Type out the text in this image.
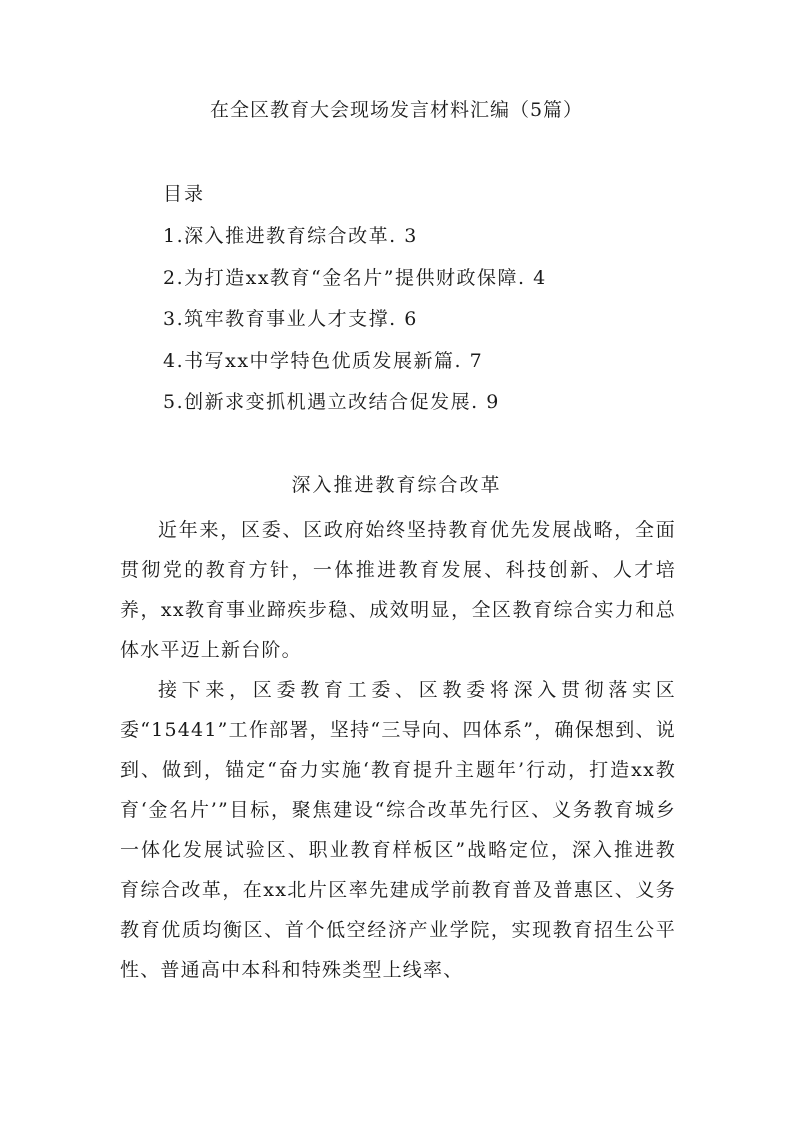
在全区教育大会现场发言材料汇编（5篇）
目录
1.深入推进教育综合改革. 3
2.为打造xx教育“金名片”提供财政保障. 4
3.筑牢教育事业人才支撑. 6
4.书写xx中学特色优质发展新篇. 7
5.创新求变抓机遇立改结合促发展. 9
深入推进教育综合改革

近年来，区委、区政府始终坚持教育优先发展战略，全面贯彻党的教育方针，一体推进教育发展、科技创新、人才培养，xx教育事业蹄疾步稳、成效明显，全区教育综合实力和总体水平迈上新台阶。

接下来，区委教育工委、区教委将深入贯彻落实区委“15441”工作部署，坚持“三导向、四体系”，确保想到、说到、做到，锚定“奋力实施‘教育提升主题年’行动，打造xx教育‘金名片’”目标，聚焦建设“综合改革先行区、义务教育城乡一体化发展试验区、职业教育样板区”战略定位，深入推进教育综合改革，在xx北片区率先建成学前教育普及普惠区、义务教育优质均衡区、首个低空经济产业学院，实现教育招生公平性、普通高中本科和特殊类型上线率、
